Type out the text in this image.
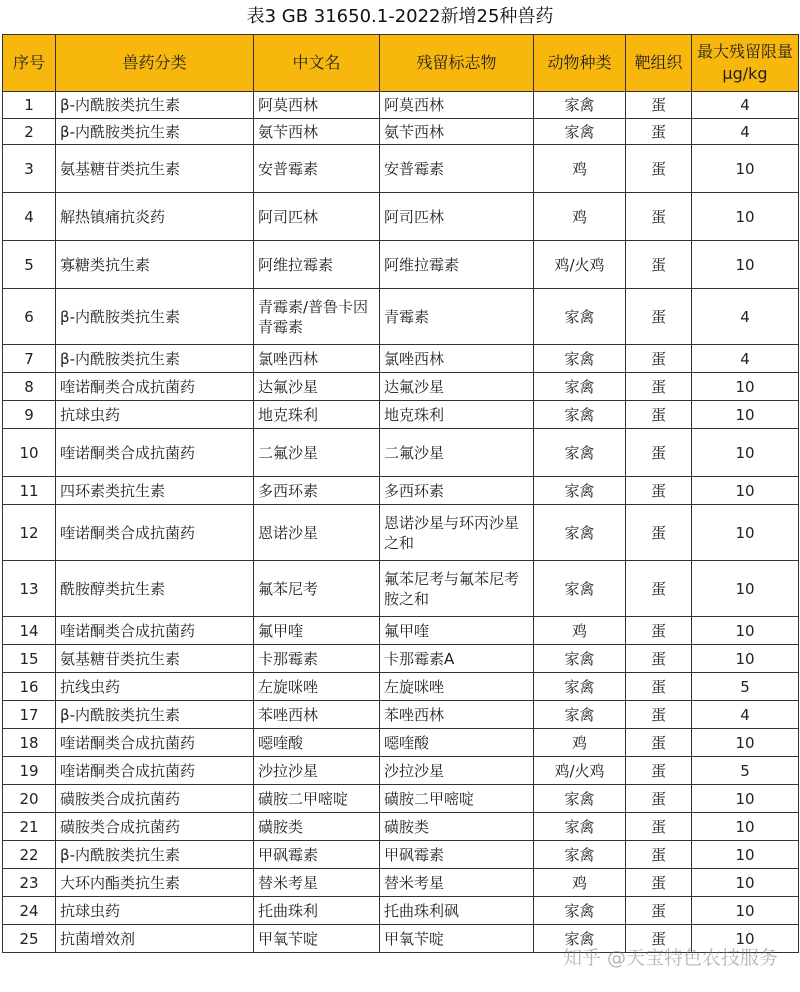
表3 GB 31650.1-2022新增25种兽药
序号	兽药分类	中文名	残留标志物	动物种类	靶组织	最大残留限量μg/kg
1	β-内酰胺类抗生素	阿莫西林	阿莫西林	家禽	蛋	4
2	β-内酰胺类抗生素	氨苄西林	氨苄西林	家禽	蛋	4
3	氨基糖苷类抗生素	安普霉素	安普霉素	鸡	蛋	10
4	解热镇痛抗炎药	阿司匹林	阿司匹林	鸡	蛋	10
5	寡糖类抗生素	阿维拉霉素	阿维拉霉素	鸡/火鸡	蛋	10
6	β-内酰胺类抗生素	青霉素/普鲁卡因青霉素	青霉素	家禽	蛋	4
7	β-内酰胺类抗生素	氯唑西林	氯唑西林	家禽	蛋	4
8	喹诺酮类合成抗菌药	达氟沙星	达氟沙星	家禽	蛋	10
9	抗球虫药	地克珠利	地克珠利	家禽	蛋	10
10	喹诺酮类合成抗菌药	二氟沙星	二氟沙星	家禽	蛋	10
11	四环素类抗生素	多西环素	多西环素	家禽	蛋	10
12	喹诺酮类合成抗菌药	恩诺沙星	恩诺沙星与环丙沙星之和	家禽	蛋	10
13	酰胺醇类抗生素	氟苯尼考	氟苯尼考与氟苯尼考胺之和	家禽	蛋	10
14	喹诺酮类合成抗菌药	氟甲喹	氟甲喹	鸡	蛋	10
15	氨基糖苷类抗生素	卡那霉素	卡那霉素A	家禽	蛋	10
16	抗线虫药	左旋咪唑	左旋咪唑	家禽	蛋	5
17	β-内酰胺类抗生素	苯唑西林	苯唑西林	家禽	蛋	4
18	喹诺酮类合成抗菌药	噁喹酸	噁喹酸	鸡	蛋	10
19	喹诺酮类合成抗菌药	沙拉沙星	沙拉沙星	鸡/火鸡	蛋	5
20	磺胺类合成抗菌药	磺胺二甲嘧啶	磺胺二甲嘧啶	家禽	蛋	10
21	磺胺类合成抗菌药	磺胺类	磺胺类	家禽	蛋	10
22	β-内酰胺类抗生素	甲砜霉素	甲砜霉素	家禽	蛋	10
23	大环内酯类抗生素	替米考星	替米考星	鸡	蛋	10
24	抗球虫药	托曲珠利	托曲珠利砜	家禽	蛋	10
25	抗菌增效剂	甲氧苄啶	甲氧苄啶	家禽	蛋	10
知乎 @天宝特色农技服务
